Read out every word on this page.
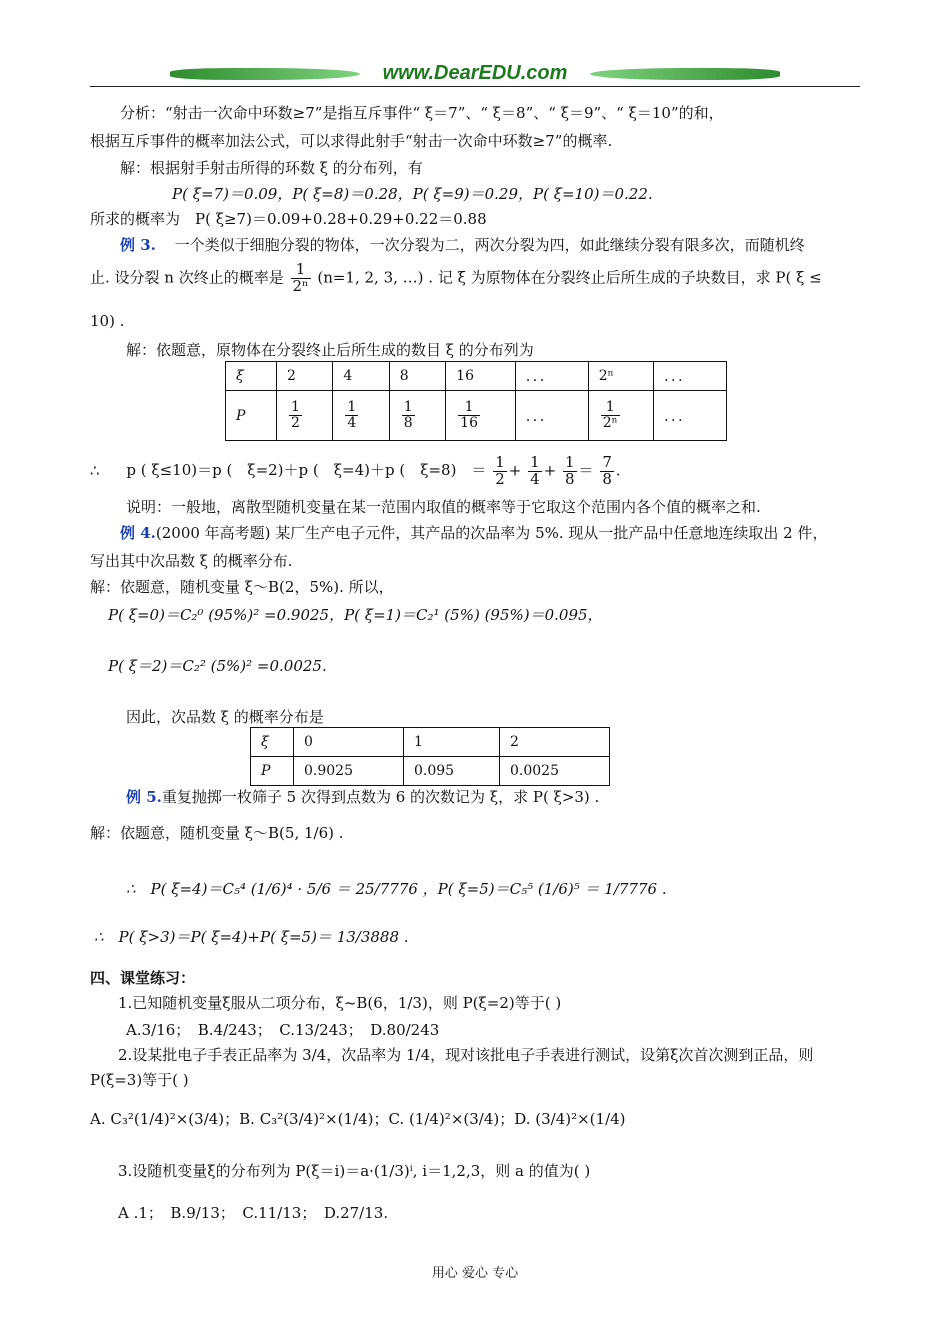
www.DearEDU.com
分析：“射击一次命中环数≥7”是指互斥事件“ ξ＝7”、“ ξ＝8”、“ ξ＝9”、“ ξ＝10”的和，
根据互斥事件的概率加法公式，可以求得此射手“射击一次命中环数≥7”的概率.
解：根据射手射击所得的环数 ξ 的分布列，有
P( ξ=7)＝0.09，P( ξ=8)＝0.28，P( ξ=9)＝0.29，P( ξ=10)＝0.22.
所求的概率为　P( ξ≥7)＝0.09+0.28+0.29+0.22＝0.88
例 3. 一个类似于细胞分裂的物体，一次分裂为二，两次分裂为四，如此继续分裂有限多次，而随机终
止. 设分裂 n 次终止的概率是 $\frac{1}{\text{2ⁿ}} (n=1$, 2, 3, …) . 记 ξ 为原物体在分裂终止后所生成的子块数目，求 P( ξ ≤
10) .
解：依题意，原物体在分裂终止后所生成的数目 ξ 的分布列为
ξ	2	4	8	16	．．．	2ⁿ	．．．
P	$\frac{1}{2}$	$\frac{1}{4}$	$\frac{1}{8}$	$\frac{1}{16}$	．．．	$\frac{1}{\text{2ⁿ}}$	．．．
∴ p ( ξ≤10)＝p (　ξ=2)＋p (　ξ=4)＋p (　ξ=8)　＝ $\frac{1}{2} + \frac{1}{4} + \frac{1}{8} = \frac{7}{8}$ .
说明：一般地，离散型随机变量在某一范围内取值的概率等于它取这个范围内各个值的概率之和.
例 4.(2000 年高考题) 某厂生产电子元件，其产品的次品率为 5%. 现从一批产品中任意地连续取出 2 件，
写出其中次品数 ξ 的概率分布.
解：依题意，随机变量 ξ～B(2，5%). 所以，
P( ξ=0)＝C₂⁰ (95%)² =0.9025，P( ξ=1)＝C₂¹ (5%) (95%)＝0.095，
P( ξ＝2)＝C₂² (5%)² =0.0025.
因此，次品数 ξ 的概率分布是
ξ	0	1	2
P	0.9025	0.095	0.0025
例 5.重复抛掷一枚筛子 5 次得到点数为 6 的次数记为 ξ，求 P( ξ>3) .
解：依题意，随机变量 ξ～B(5, 1/6) .
∴　P( ξ=4)＝C₅⁴ (1/6)⁴ · 5/6 ＝ 25/7776 ，P( ξ=5)＝C₅⁵ (1/6)⁵ ＝ 1/7776 .
∴　P( ξ>3)＝P( ξ=4)+P( ξ=5)＝ 13/3888 .
四、课堂练习：
1.已知随机变量ξ服从二项分布，ξ~B(6，1/3)，则 P(ξ=2)等于( )
A.3/16；　B.4/243；　C.13/243；　D.80/243
2.设某批电子手表正品率为 3/4，次品率为 1/4，现对该批电子手表进行测试，设第ξ次首次测到正品，则
P(ξ=3)等于( )
A. C₃²(1/4)²×(3/4)；B. C₃²(3/4)²×(1/4)；C. (1/4)²×(3/4)；D. (3/4)²×(1/4)
3.设随机变量ξ的分布列为 P(ξ＝i)＝a·(1/3)ⁱ, i＝1,2,3，则 a 的值为( )
A .1；　B.9/13；　C.11/13；　D.27/13.
用心 爱心 专心
